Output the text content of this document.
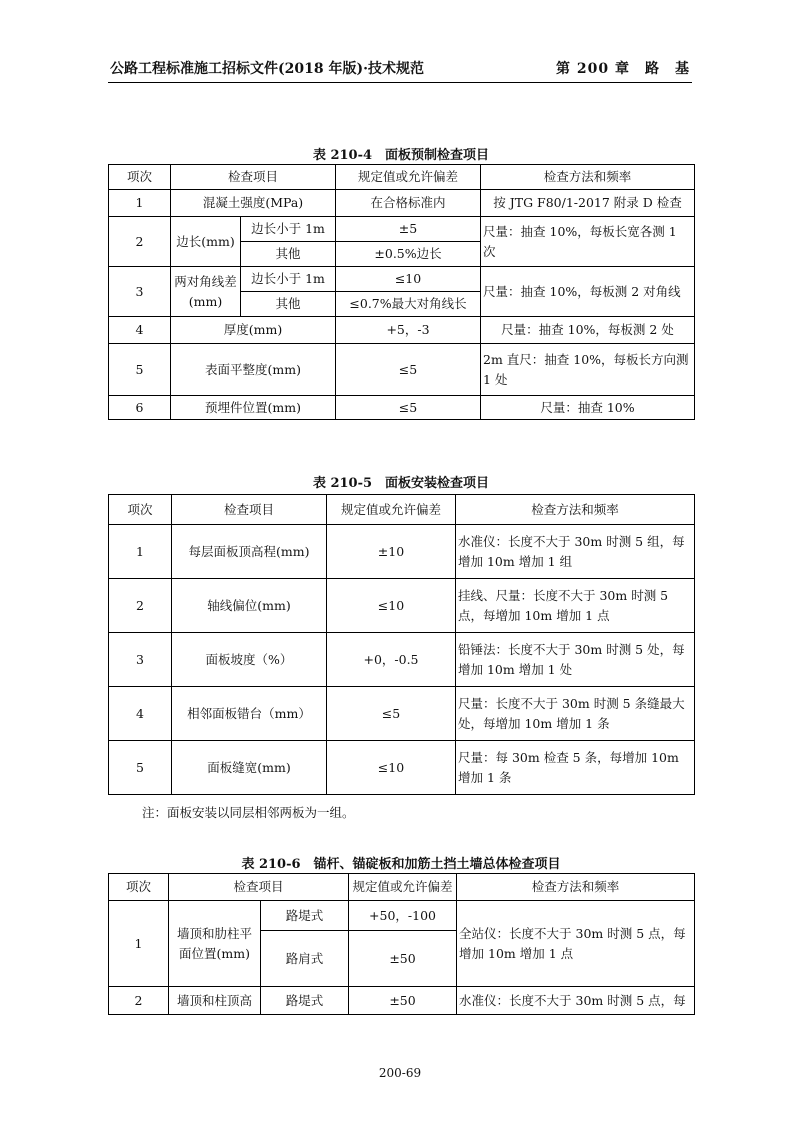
公路工程标准施工招标文件(2018 年版)·技术规范	第 200 章　路　基
表 210-4　面板预制检查项目
项次	检查项目		规定值或允许偏差	检查方法和频率
1	混凝土强度(MPa)		在合格标准内	按 JTG F80/1-2017 附录 D 检查
2	边长(mm)	边长小于 1m	±5	尺量：抽查 10%，每板长宽各测 1 次
		其他	±0.5%边长	
3	两对角线差(mm)	边长小于 1m	≤10	尺量：抽查 10%，每板测 2 对角线
		其他	≤0.7%最大对角线长	
4	厚度(mm)		+5，-3	尺量：抽查 10%，每板测 2 处
5	表面平整度(mm)		≤5	2m 直尺：抽查 10%，每板长方向测 1 处
6	预埋件位置(mm)		≤5	尺量：抽查 10%
表 210-5　面板安装检查项目
项次	检查项目	规定值或允许偏差	检查方法和频率
1	每层面板顶高程(mm)	±10	水准仪：长度不大于 30m 时测 5 组，每增加 10m 增加 1 组
2	轴线偏位(mm)	≤10	挂线、尺量：长度不大于 30m 时测 5 点，每增加 10m 增加 1 点
3	面板坡度（%）	+0，-0.5	铅锤法：长度不大于 30m 时测 5 处，每增加 10m 增加 1 处
4	相邻面板错台（mm）	≤5	尺量：长度不大于 30m 时测 5 条缝最大处，每增加 10m 增加 1 条
5	面板缝宽(mm)	≤10	尺量：每 30m 检查 5 条，每增加 10m 增加 1 条
注：面板安装以同层相邻两板为一组。
表 210-6　锚杆、锚碇板和加筋土挡土墙总体检查项目
项次	检查项目		规定值或允许偏差	检查方法和频率
1	墙顶和肋柱平面位置(mm)	路堤式	+50，-100	全站仪：长度不大于 30m 时测 5 点，每增加 10m 增加 1 点
		路肩式	±50	
2	墙顶和柱顶高	路堤式	±50	水准仪：长度不大于 30m 时测 5 点，每
200-69
